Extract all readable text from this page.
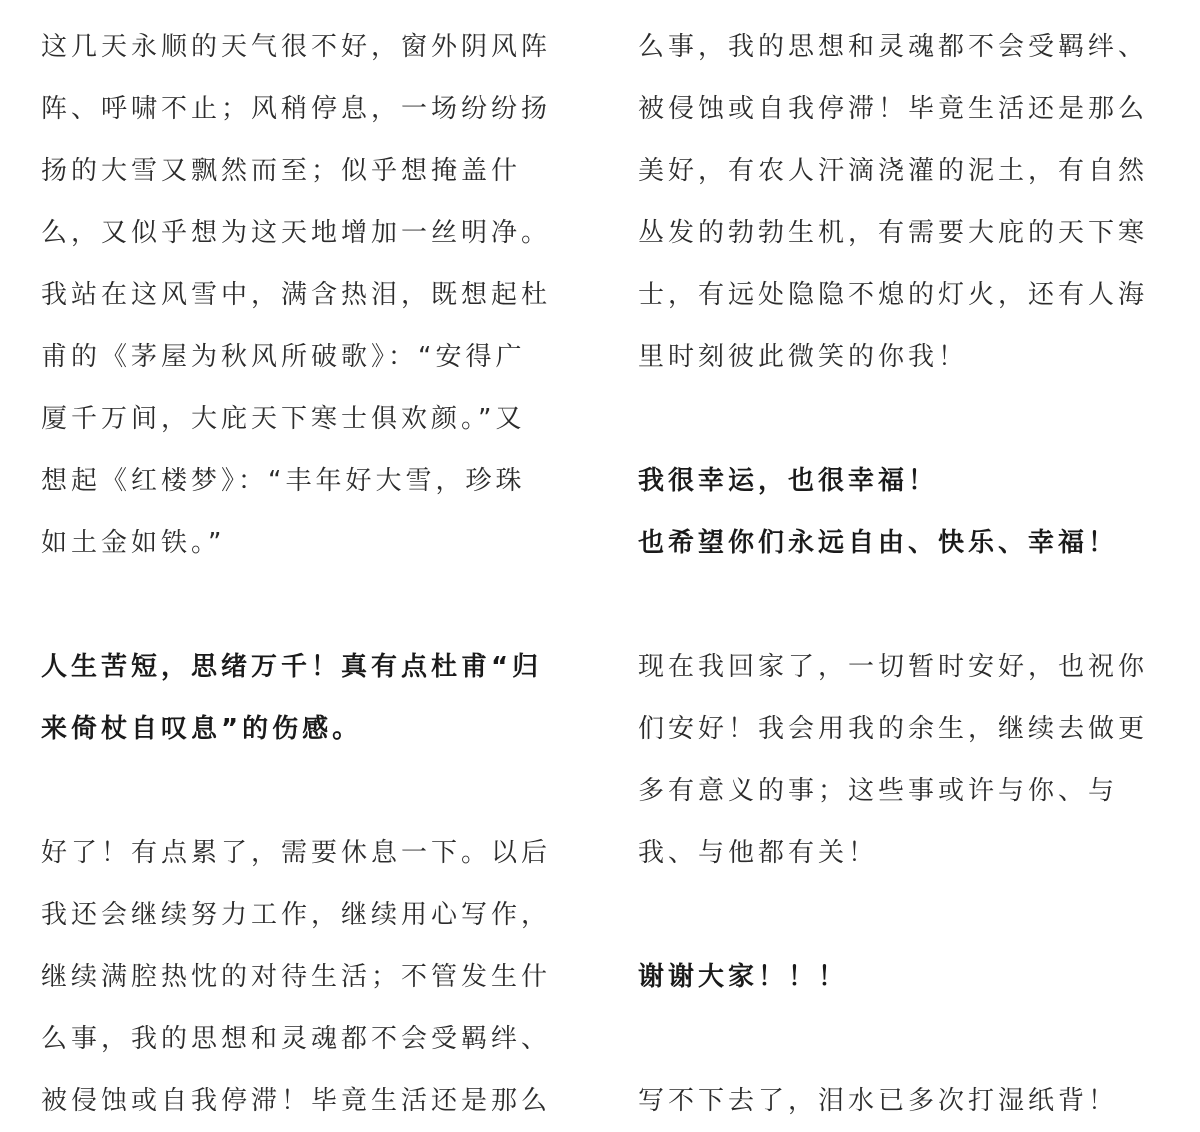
这几天永顺的天气很不好，窗外阴风阵
阵、呼啸不止；风稍停息，一场纷纷扬
扬的大雪又飘然而至；似乎想掩盖什
么，又似乎想为这天地增加一丝明净。
我站在这风雪中，满含热泪，既想起杜
甫的《茅屋为秋风所破歌》：“安得广
厦千万间，大庇天下寒士俱欢颜。”又
想起《红楼梦》：“丰年好大雪，珍珠
如土金如铁。”

人生苦短，思绪万千！真有点杜甫“归
来倚杖自叹息”的伤感。

好了！有点累了，需要休息一下。以后
我还会继续努力工作，继续用心写作，
继续满腔热忱的对待生活；不管发生什
么事，我的思想和灵魂都不会受羁绊、
被侵蚀或自我停滞！毕竟生活还是那么

么事，我的思想和灵魂都不会受羁绊、
被侵蚀或自我停滞！毕竟生活还是那么
美好，有农人汗滴浇灌的泥土，有自然
丛发的勃勃生机，有需要大庇的天下寒
士，有远处隐隐不熄的灯火，还有人海
里时刻彼此微笑的你我！

我很幸运，也很幸福！
也希望你们永远自由、快乐、幸福！

现在我回家了，一切暂时安好，也祝你
们安好！我会用我的余生，继续去做更
多有意义的事；这些事或许与你、与
我、与他都有关！

谢谢大家！！！

写不下去了，泪水已多次打湿纸背！
